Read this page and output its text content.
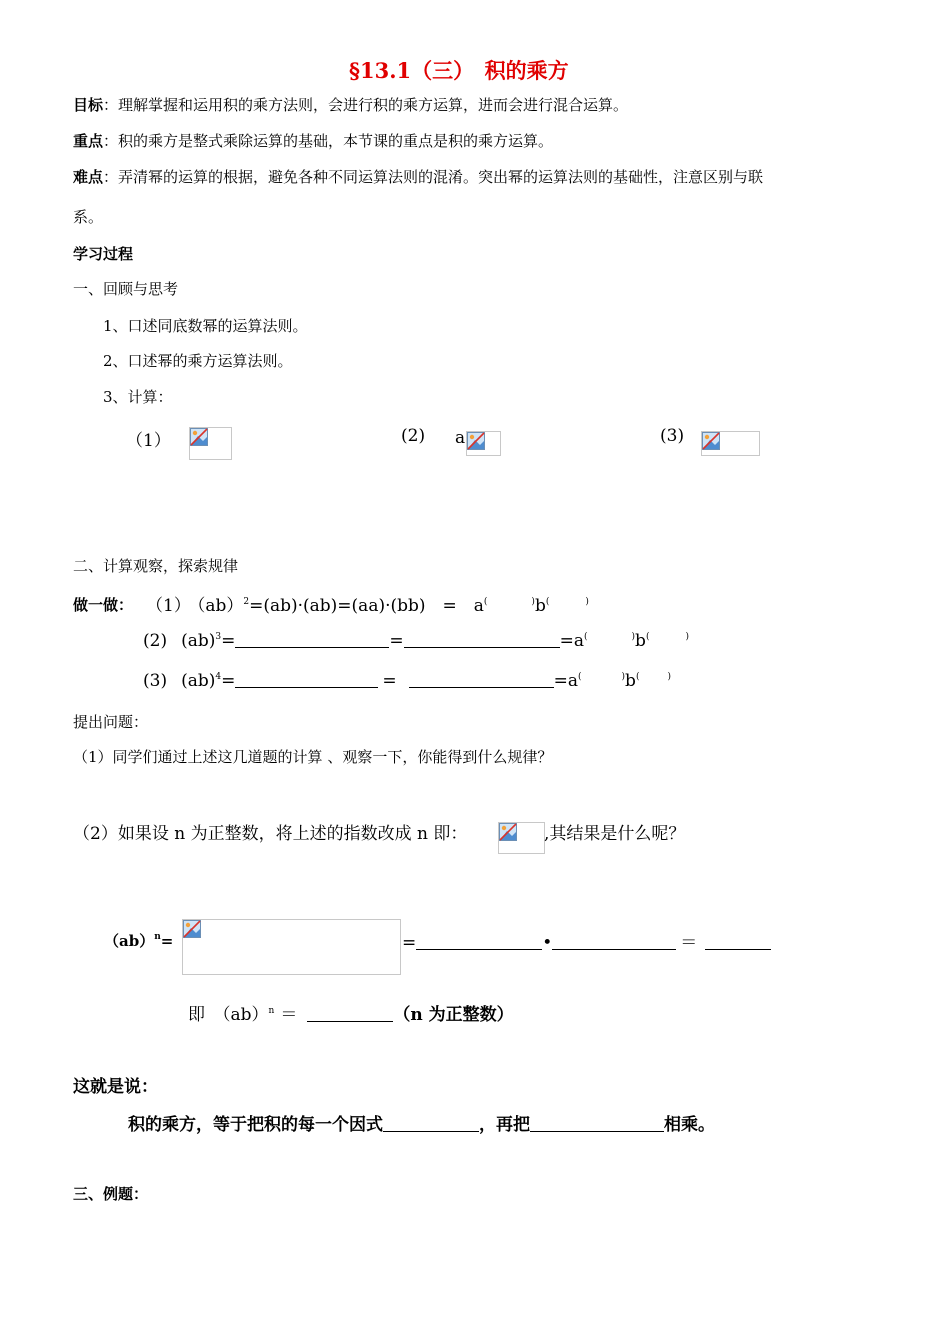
§13.1（三）　积的乘方
目标：理解掌握和运用积的乘方法则，会进行积的乘方运算，进而会进行混合运算。
重点：积的乘方是整式乘除运算的基础，本节课的重点是积的乘方运算。
难点：弄清幂的运算的根据，避免各种不同运算法则的混淆。突出幂的运算法则的基础性，注意区别与联
系。
学习过程
一、回顾与思考
1、口述同底数幂的运算法则。
2、口述幂的乘方运算法则。
3、计算：
（1）	(2) a	(3)
二、计算观察，探索规律
做一做： （1） （ab）$^2$=(ab)·(ab)=(aa)·(bb)　=　a(	)b(	)
(2) (ab)$^3$=	=	=a(	)b(	)
(3) (ab)$^4$=	=	=a(	)b(	)
提出问题：
（1）同学们通过上述这几道题的计算 、观察一下，你能得到什么规律？
（2）如果设 n 为正整数，将上述的指数改成 n 即：	,其结果是什么呢？
（ab）$^n$=	=	•	＝
即　（ab）$^n$ ＝	（n 为正整数）
这就是说：
积的乘方，等于把积的每一个因式	，再把	相乘。
三、例题：
